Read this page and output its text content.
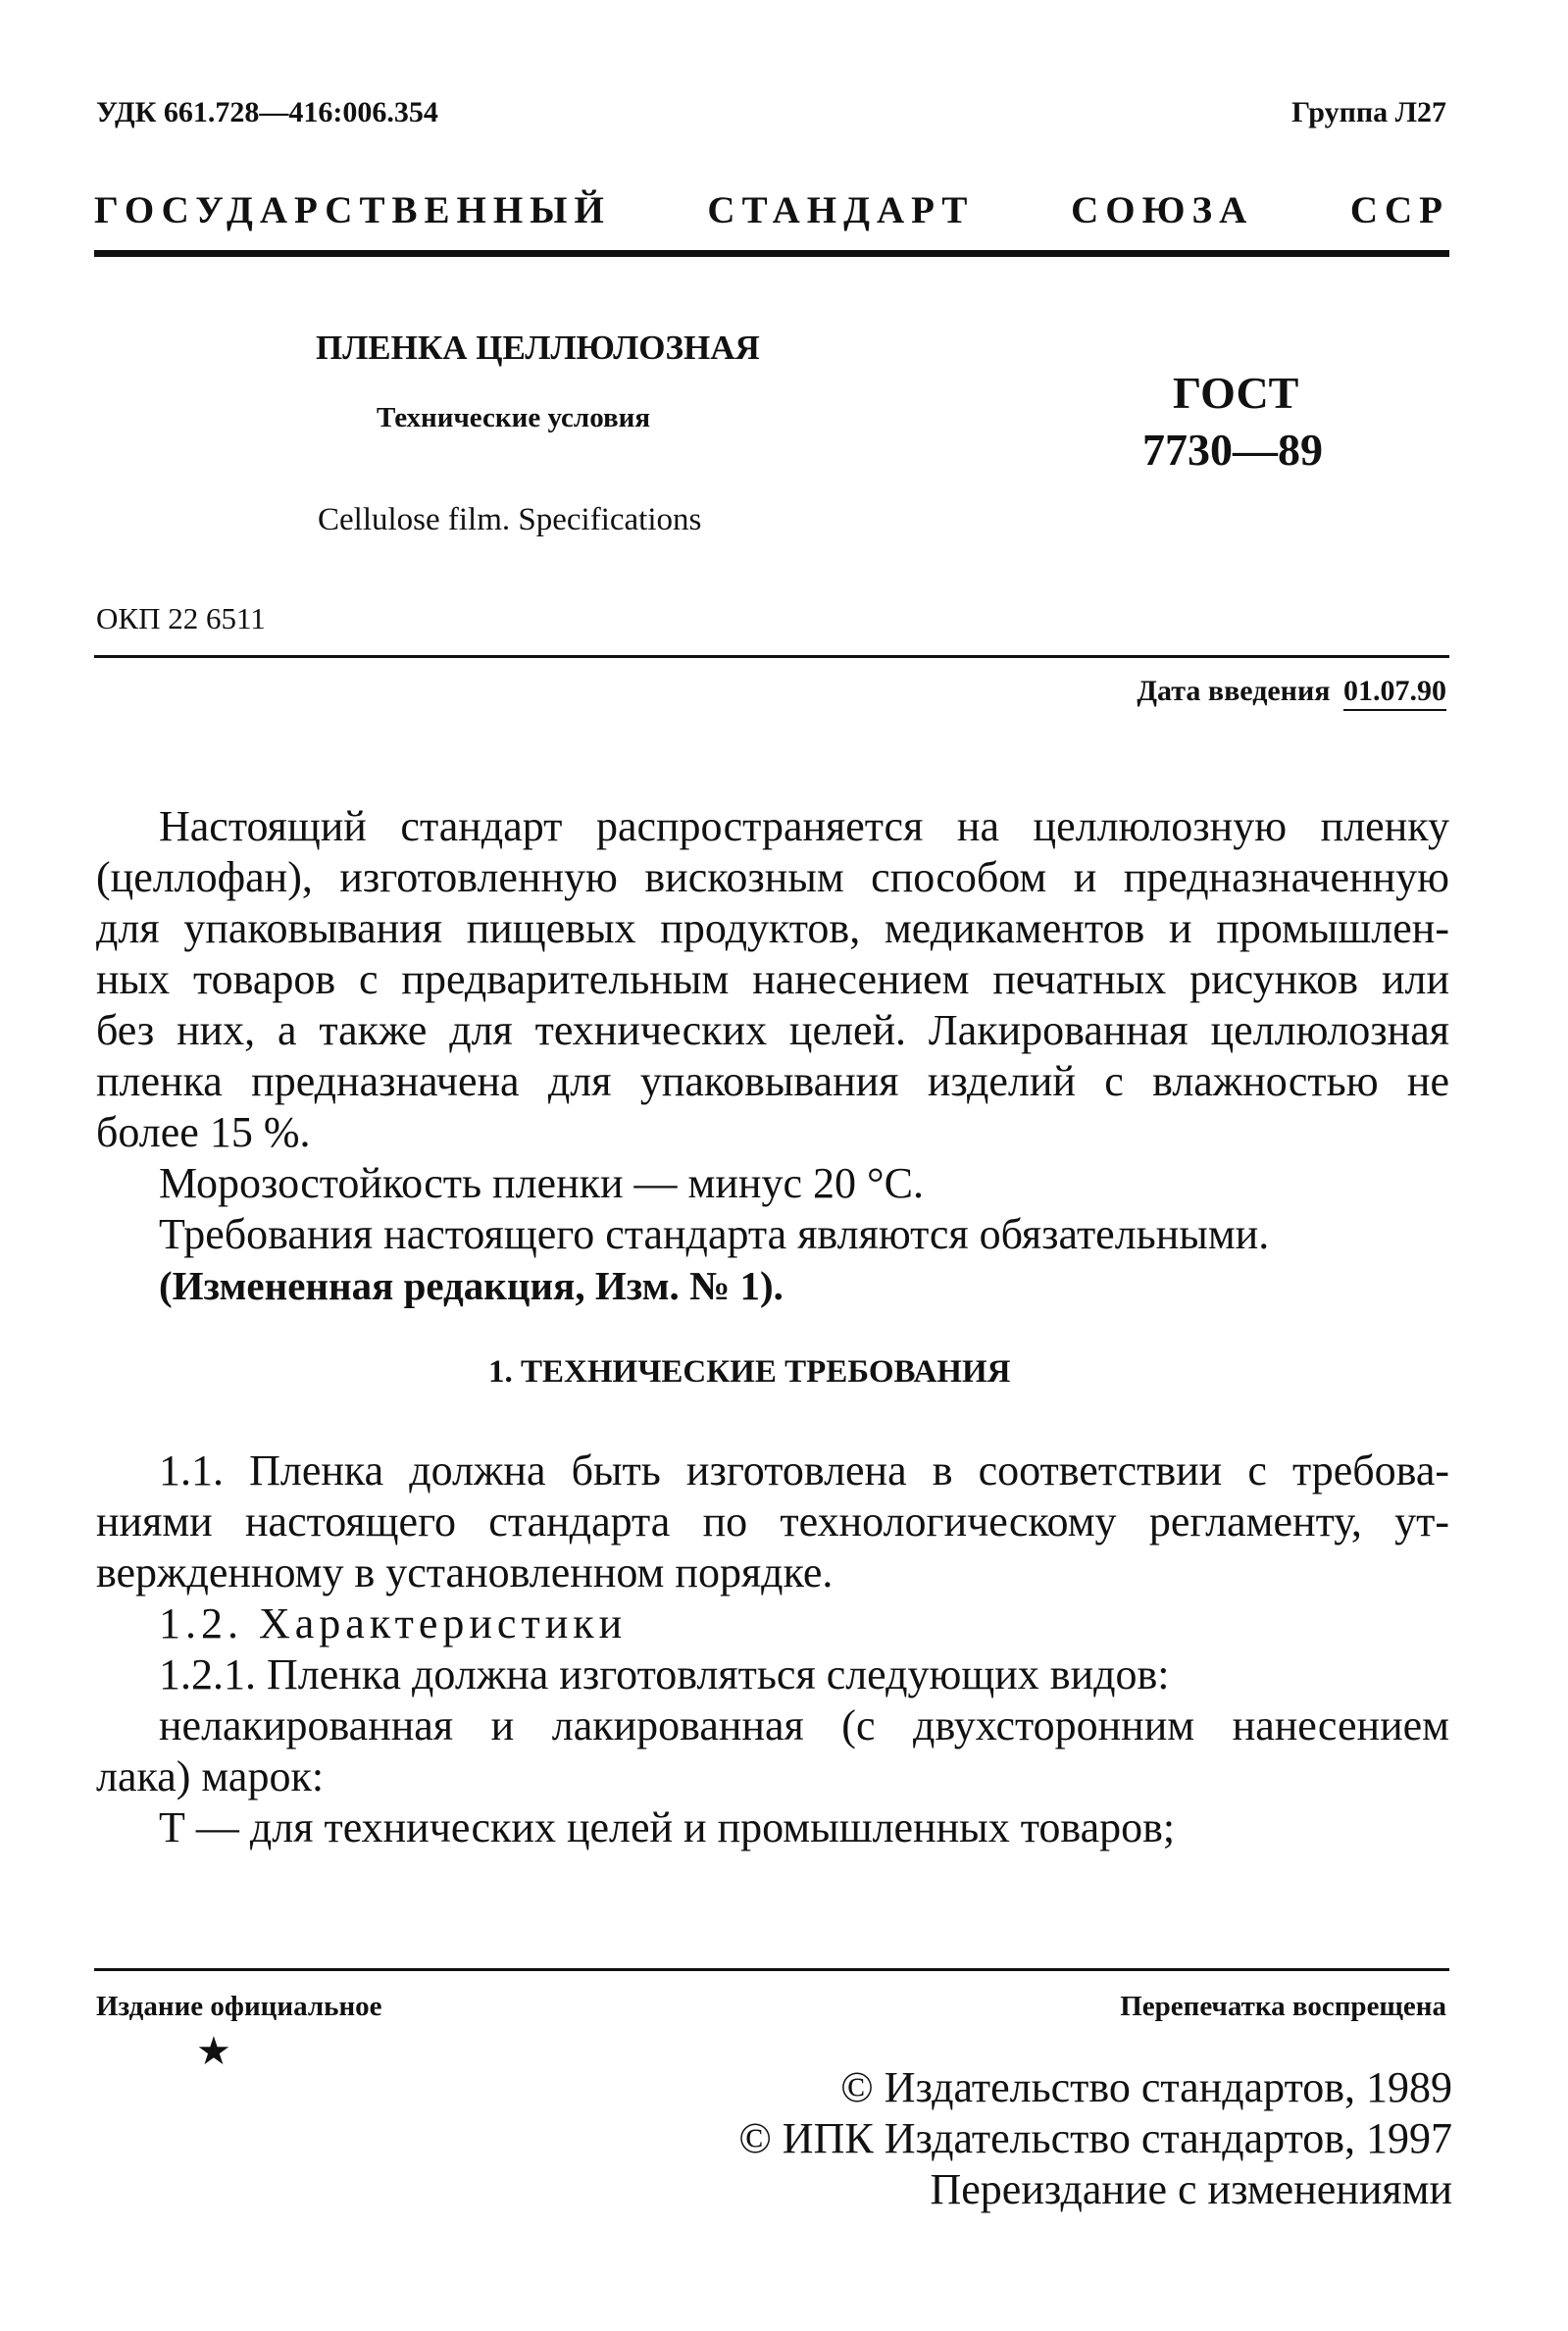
УДК 661.728—416:006.354	Группа Л27
ГОСУДАРСТВЕННЫЙ СТАНДАРТ СОЮЗА ССР
ПЛЕНКА ЦЕЛЛЮЛОЗНАЯ
Технические условия
Cellulose film. Specifications
ГОСТ
7730—89
ОКП 22 6511
Дата введения 01.07.90
Настоящий стандарт распространяется на целлюлозную пленку
(целлофан), изготовленную вискозным способом и предназначенную
для упаковывания пищевых продуктов, медикаментов и промышлен-
ных товаров с предварительным нанесением печатных рисунков или
без них, а также для технических целей. Лакированная целлюлозная
пленка предназначена для упаковывания изделий с влажностью не
более 15 %.
Морозостойкость пленки — минус 20 °С.
Требования настоящего стандарта являются обязательными.
(Измененная редакция, Изм. № 1).
1. ТЕХНИЧЕСКИЕ ТРЕБОВАНИЯ
1.1. Пленка должна быть изготовлена в соответствии с требова-
ниями настоящего стандарта по технологическому регламенту, ут-
вержденному в установленном порядке.
1.2. Характеристики
1.2.1. Пленка должна изготовляться следующих видов:
нелакированная и лакированная (с двухсторонним нанесением
лака) марок:
Т — для технических целей и промышленных товаров;
Издание официальное
★
Перепечатка воспрещена
© Издательство стандартов, 1989
© ИПК Издательство стандартов, 1997
Переиздание с изменениями
